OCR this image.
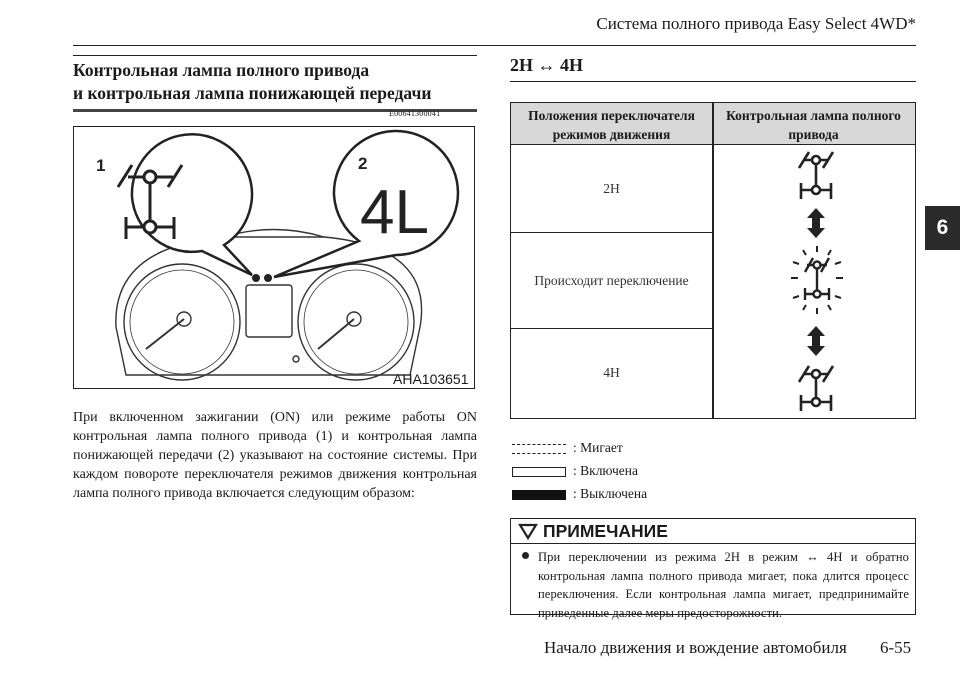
Система полного привода Easy Select 4WD*
6
Контрольная лампа полного привода
и контрольная лампа понижающей передачи
E00641300041
4L
1	2
AHA103651
При включенном зажигании (ON) или режиме работы ON контрольная лампа полного привода (1) и контрольная лампа понижающей передачи (2) указывают на состояние системы. При каждом повороте переключателя режимов движения контрольная лампа полного привода включается следующим образом:
2H ↔ 4H
Положения переключателя режимов движения
Контрольная лампа полного привода
2H
Происходит переключение
4H
: Мигает
: Включена
: Выключена
ПРИМЕЧАНИЕ
При переключении из режима 2H в режим ↔ 4H и обратно контрольная лампа полного привода мигает, пока длится процесс переключения. Если контрольная лампа мигает, предпринимайте приведенные далее меры предосторожности.
Начало движения и вождение автомобиля 6-55
